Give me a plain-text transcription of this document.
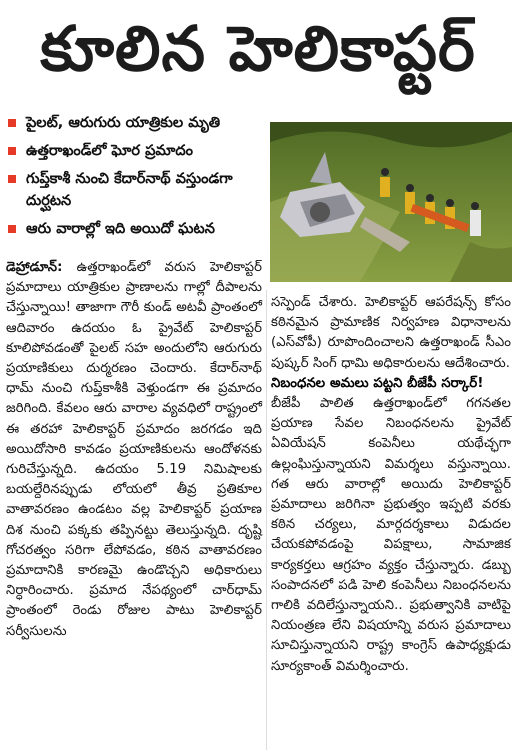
కూలిన హెలికాప్టర్
పైలట్, ఆరుగురు యాత్రికుల మృతి
ఉత్తరాఖండ్‌లో ఘోర ప్రమాదం
గుప్త్‌కాశీ నుంచి కేదార్‌నాథ్ వస్తుండగా దుర్ఘటన
ఆరు వారాల్లో ఇది అయిదో ఘటన

డెహ్రాడూన్: ఉత్తరాఖండ్‌లో వరుస హెలికాప్టర్ ప్రమాదాలు యాత్రికుల ప్రాణాలను గాల్లో దీపాలను చేస్తున్నాయి! తాజాగా గౌరీ కుండ్ అటవీ ప్రాంతంలో ఆదివారం ఉదయం ఓ ప్రైవేట్ హెలికాప్టర్ కూలిపోవడంతో పైలట్ సహ అందులోని ఆరుగురు ప్రయాణికులు దుర్మరణం చెందారు. కేదార్‌నాథ్ ధామ్ నుంచి గుప్త్‌కాశీకి వెళ్తుండగా ఈ ప్రమాదం జరిగింది. కేవలం ఆరు వారాల వ్యవధిలో రాష్ట్రంలో ఈ తరహా హెలికాప్టర్ ప్రమాదం జరగడం ఇది అయిదోసారి కావడం ప్రయాణికులను ఆందోళనకు గురిచేస్తున్నది. ఉదయం 5.19 నిమిషాలకు బయల్దేరినప్పుడు లోయలో తీవ్ర ప్రతికూల వాతావరణం ఉండటం వల్ల హెలికాప్టర్ ప్రయాణ దిశ నుంచి పక్కకు తప్పినట్టు తెలుస్తున్నది. దృష్టి గోచరత్వం సరిగా లేపోవడం, కఠిన వాతావరణం ప్రమాదానికి కారణమై ఉండొచ్చని అధికారులు నిర్ధారించారు. ప్రమాద నేపథ్యంలో చార్‌ధామ్ ప్రాంతంలో రెండు రోజుల పాటు హెలికాప్టర్ సర్వీసులను

సస్పెండ్ చేశారు. హెలికాప్టర్ ఆపరేషన్స్ కోసం కఠినమైన ప్రామాణిక నిర్వహణ విధానాలను (ఎస్‌వోపీ) రూపొందించాలని ఉత్తరాఖండ్ సీఎం పుష్కర్ సింగ్ ధామి అధికారులను ఆదేశించారు.

నిబంధనల అమలు పట్టని బీజేపీ సర్కార్!

బీజేపీ పాలిత ఉత్తరాఖండ్‌లో గగనతల ప్రయాణ సేవల నిబంధనలను ప్రైవేట్ ఏవియేషన్ కంపెనీలు యథేచ్ఛగా ఉల్లంఘిస్తున్నాయని విమర్శలు వస్తున్నాయి. గత ఆరు వారాల్లో అయిదు హెలికాప్టర్ ప్రమాదాలు జరిగినా ప్రభుత్వం ఇప్పటి వరకు కఠిన చర్యలు, మార్గదర్శకాలు విడుదల చేయకపోవడంపై విపక్షాలు, సామాజిక కార్యకర్తలు ఆగ్రహం వ్యక్తం చేస్తున్నారు. డబ్బు సంపాదనలో పడి హెలి కంపెనీలు నిబంధనలను గాలికి వదిలేస్తున్నాయని.. ప్రభుత్వానికి వాటిపై నియంత్రణ లేని విషయాన్ని వరుస ప్రమాదాలు సూచిస్తున్నాయని రాష్ట్ర కాంగ్రెస్ ఉపాధ్యక్షుడు సూర్యకాంత్ విమర్శించారు.
